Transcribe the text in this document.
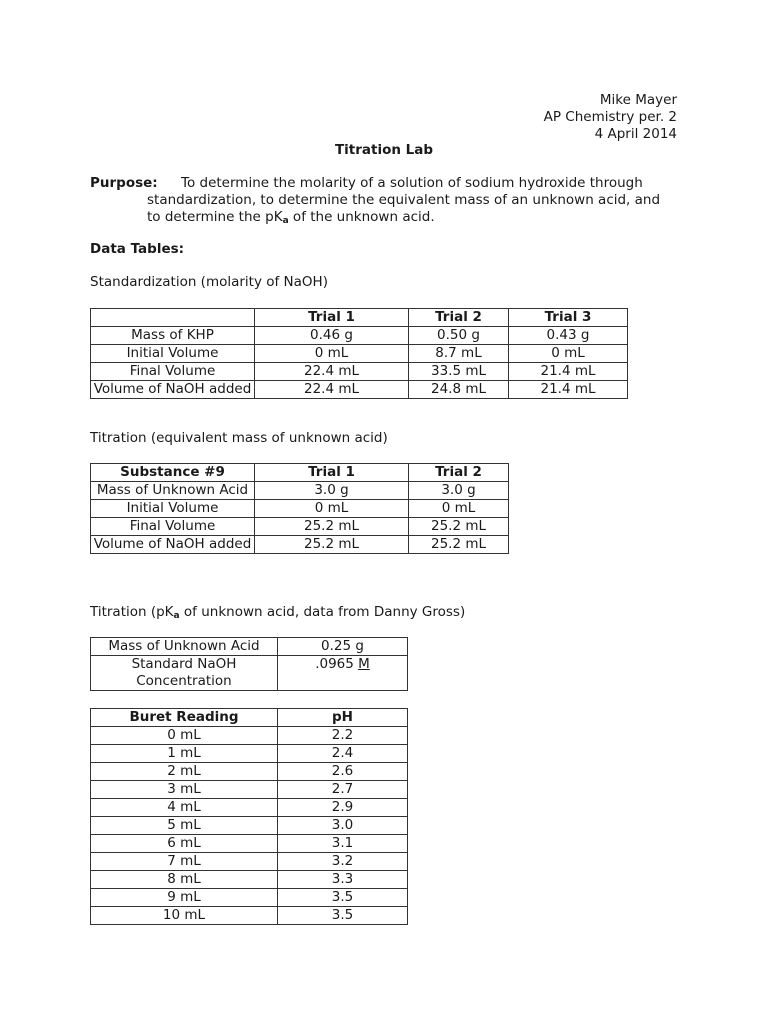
Mike Mayer
AP Chemistry per. 2
4 April 2014
Titration Lab
Purpose: To determine the molarity of a solution of sodium hydroxide through
standardization, to determine the equivalent mass of an unknown acid, and
to determine the $pK_a$ of the unknown acid.
Data Tables:
Standardization (molarity of NaOH)
	Trial 1	Trial 2	Trial 3
Mass of KHP	0.46 g	0.50 g	0.43 g
Initial Volume	0 mL	8.7 mL	0 mL
Final Volume	22.4 mL	33.5 mL	21.4 mL
Volume of NaOH added	22.4 mL	24.8 mL	21.4 mL
Titration (equivalent mass of unknown acid)
Substance #9	Trial 1	Trial 2
Mass of Unknown Acid	3.0 g	3.0 g
Initial Volume	0 mL	0 mL
Final Volume	25.2 mL	25.2 mL
Volume of NaOH added	25.2 mL	25.2 mL
Titration ($pK_a$ of unknown acid, data from Danny Gross)
Mass of Unknown Acid	0.25 g
Standard NaOH Concentration	.0965 M
Buret Reading	pH
0 mL	2.2
1 mL	2.4
2 mL	2.6
3 mL	2.7
4 mL	2.9
5 mL	3.0
6 mL	3.1
7 mL	3.2
8 mL	3.3
9 mL	3.5
10 mL	3.5
